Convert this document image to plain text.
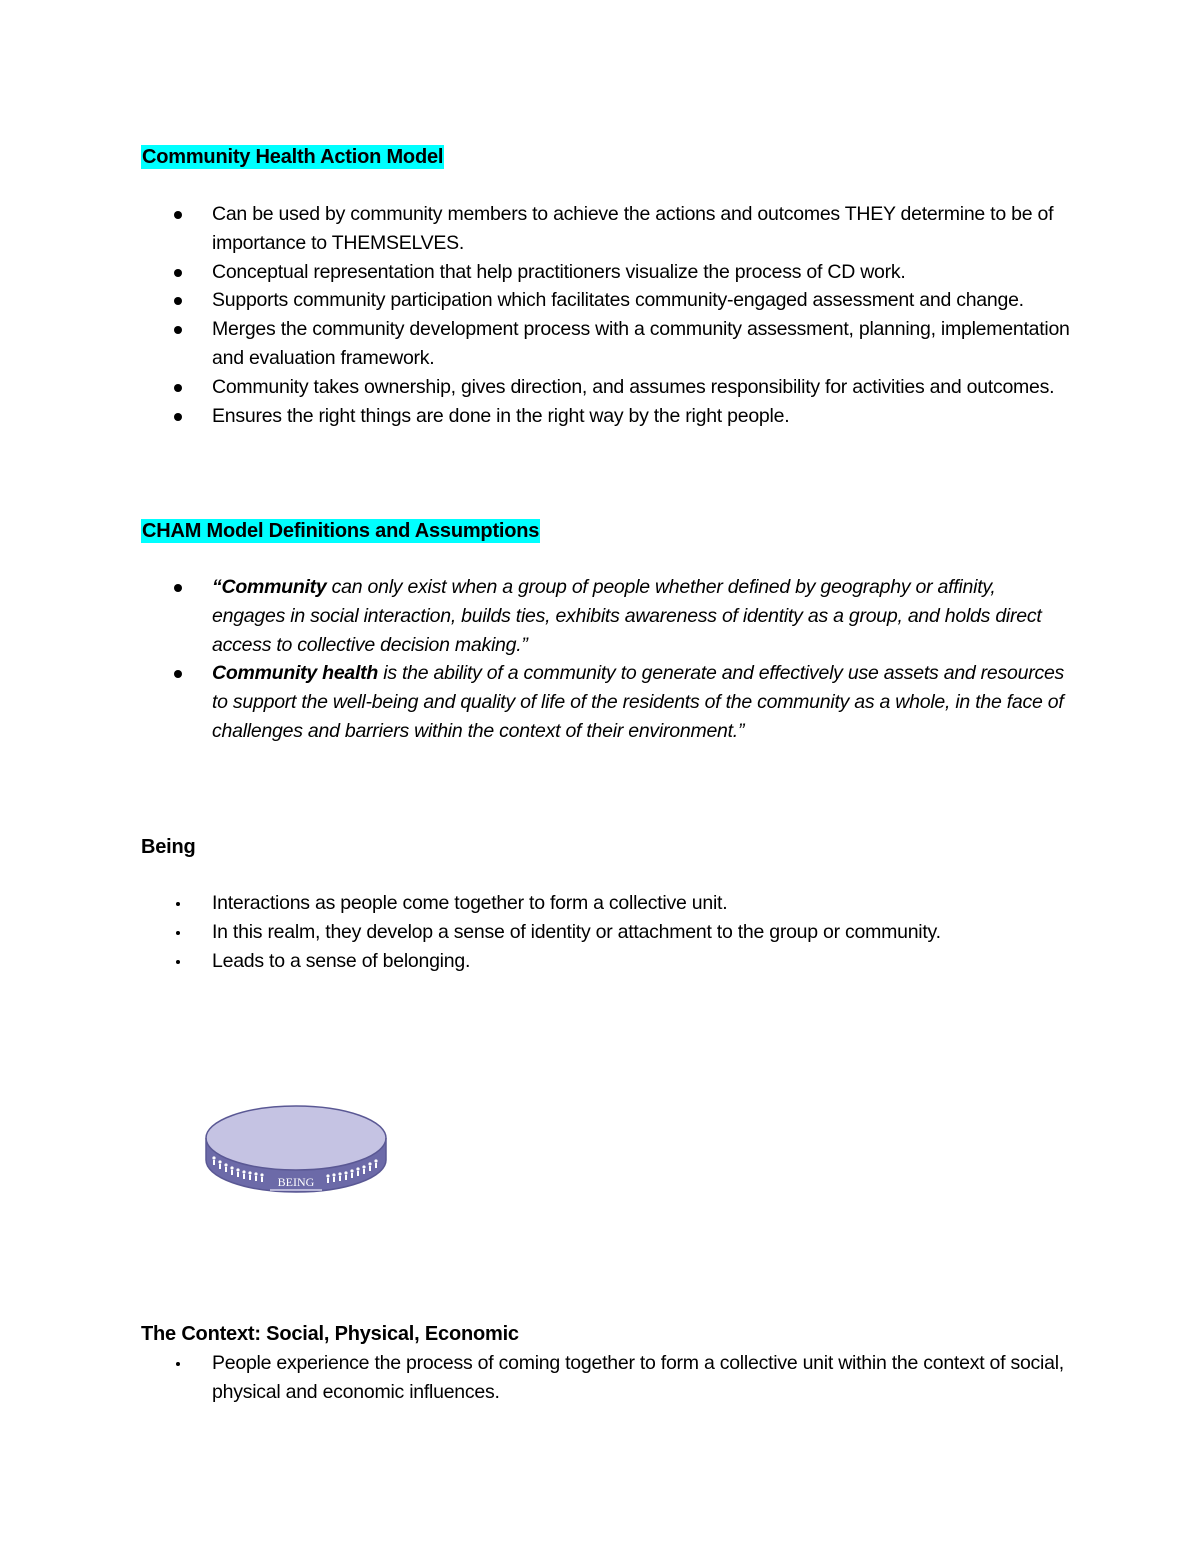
Community Health Action Model

Can be used by community members to achieve the actions and outcomes THEY determine to be of importance to THEMSELVES.
Conceptual representation that help practitioners visualize the process of CD work.
Supports community participation which facilitates community-engaged assessment and change.
Merges the community development process with a community assessment, planning, implementation and evaluation framework.
Community takes ownership, gives direction, and assumes responsibility for activities and outcomes.
Ensures the right things are done in the right way by the right people.

CHAM Model Definitions and Assumptions

“Community can only exist when a group of people whether defined by geography or affinity, engages in social interaction, builds ties, exhibits awareness of identity as a group, and holds direct access to collective decision making.”
Community health is the ability of a community to generate and effectively use assets and resources to support the well-being and quality of life of the residents of the community as a whole, in the face of challenges and barriers within the context of their environment.”

Being

Interactions as people come together to form a collective unit.
In this realm, they develop a sense of identity or attachment to the group or community.
Leads to a sense of belonging.
BEING

The Context: Social, Physical, Economic

People experience the process of coming together to form a collective unit within the context of social, physical and economic influences.
